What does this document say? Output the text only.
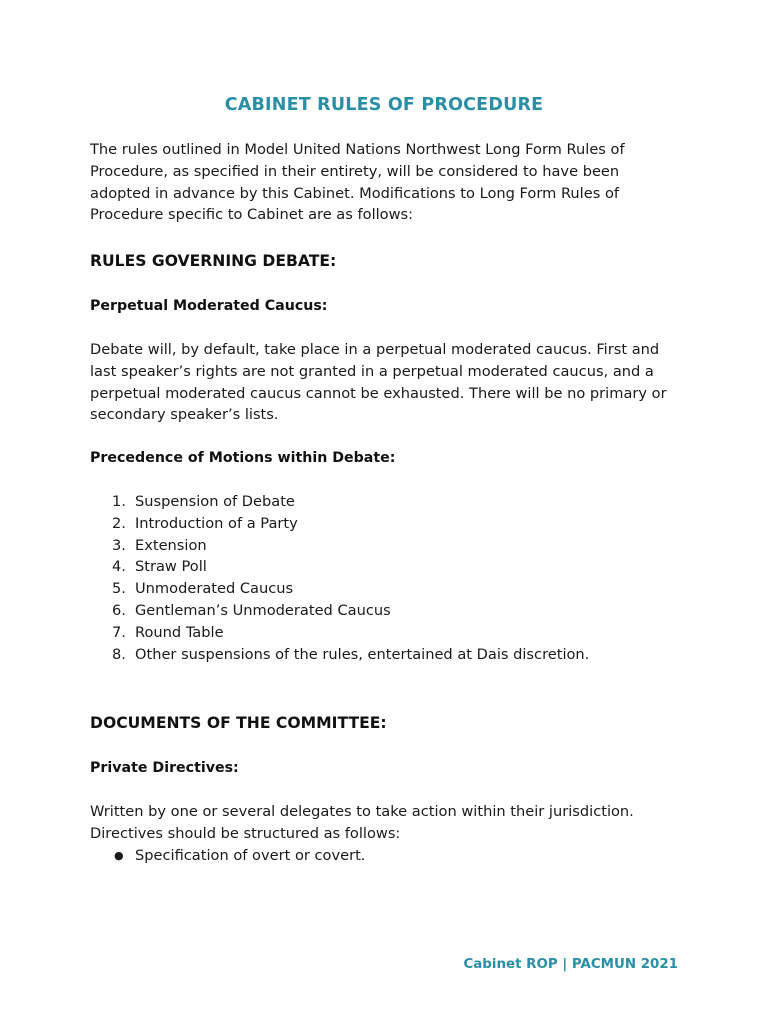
CABINET RULES OF PROCEDURE

The rules outlined in Model United Nations Northwest Long Form Rules of Procedure, as specified in their entirety, will be considered to have been adopted in advance by this Cabinet. Modifications to Long Form Rules of Procedure specific to Cabinet are as follows:

RULES GOVERNING DEBATE:
Perpetual Moderated Caucus:

Debate will, by default, take place in a perpetual moderated caucus. First and last speaker’s rights are not granted in a perpetual moderated caucus, and a perpetual moderated caucus cannot be exhausted. There will be no primary or secondary speaker’s lists.

Precedence of Motions within Debate:
1. Suspension of Debate
2. Introduction of a Party
3. Extension
4. Straw Poll
5. Unmoderated Caucus
6. Gentleman’s Unmoderated Caucus
7. Round Table
8. Other suspensions of the rules, entertained at Dais discretion.
DOCUMENTS OF THE COMMITTEE:
Private Directives:

Written by one or several delegates to take action within their jurisdiction. Directives should be structured as follows:

● Specification of overt or covert.
Cabinet ROP | PACMUN 2021
